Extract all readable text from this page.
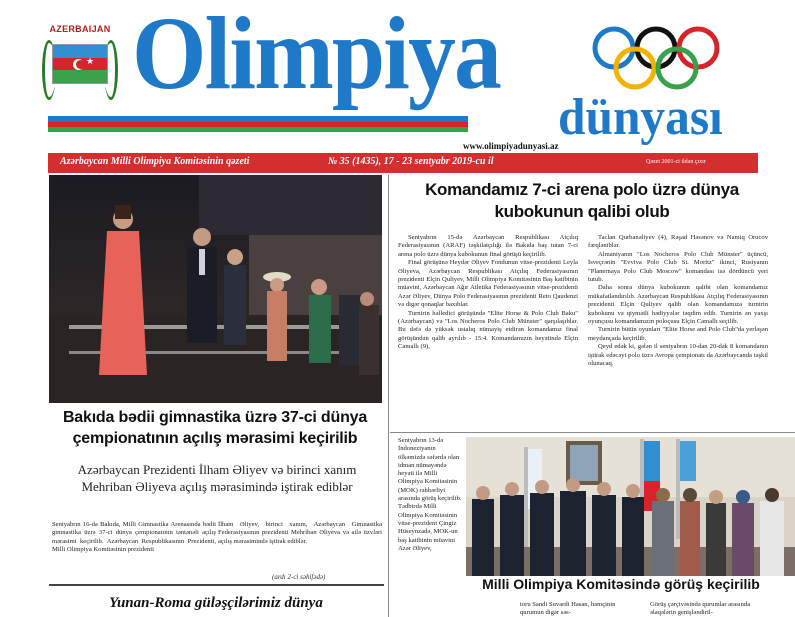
AZERBAIJAN
★ Olimpiya
dünyası
www.olimpiyadunyasi.az
Azərbaycan Milli Olimpiya Komitəsinin qəzeti	№ 35 (1435), 17 - 23 sentyabr 2019-cu il	Qəzet 2001-ci ildən çıxır
Bakıda bədii gimnastika üzrə 37-ci dünya çempionatının açılış mərasimi keçirilib
Azərbaycan Prezidenti İlham Əliyev və birinci xanım Mehriban Əliyeva açılış mərasimində iştirak ediblər
Sentyabrın 16-da Bakıda, Milli Gimnastika Arenasında bədii gimnastika üzrə 37-ci dünya çempionatının təntənəli açılış mərasimi keçirilib. Azərbaycan Respublikasının Prezidenti, Milli Olimpiya Komitəsinin prezidenti
İlham Əliyev, birinci xanım, Azərbaycan Gimnastika Federasiyasının prezidenti Mehriban Əliyeva və ailə üzvləri açılış mərasimində iştirak ediblər.
(ardı 2-ci səhifədə)
Yunan-Roma güləşçilərimiz dünya
Komandamız 7-ci arena polo üzrə dünya kubokunun qalibi olub

Sentyabrın 15-də Azərbaycan Respublikası Atçılıq Federasiyasının (ARAF) təşkilatçılığı ilə Bakıda baş tutan 7-ci arena polo üzrə dünya kubokunun final görüşü keçirilib.

Final görüşünə Heydər Əliyev Fondunun vitse-prezidenti Leyla Əliyeva, Azərbaycan Respublikası Atçılıq Federasiyasının prezidenti Elçin Quliyev, Milli Olimpiya Komitəsinin Baş katibinin müavini, Azərbaycan Ağır Atletika Federasiyasının vitse-prezidenti Azər Əliyev, Dünya Polo Federasiyasının prezidenti Reto Qaudenzi və digər qonaqlar baxıblar.

Turnirin həlledici görüşündə "Elite Horse & Polo Club Baku" (Azərbaycan) və "Los Nocheros Polo Club Münster" qarşılaşıblar. Bu dəfə də yüksək ustalıq nümayiş etdirən komandamız final görüşündən qalib ayrılıb - 15:4. Komandamızın heyətində Elçin Camallı (9),

Taclan Qurbanəliyev (4), Rəşad Həsənov və Namiq Orucov fərqləniblər.

Almaniyanın "Los Nocheros Polo Club Münster" üçüncü, İsveçrənin "Evviva Polo Club St. Moritz" ikinci, Rusiyanın "Planernaya Polo Club Moscow" komandası isə dördüncü yeri tutub.

Daha sonra dünya kubokunun qalibi olan komandamız mükafatlandırılıb. Azərbaycan Respublikası Atçılıq Federasiyasının prezidenti Elçin Quliyev qalib olan komandamıza turnirin kubokunu və qiymətli hədiyyələr təqdim edib. Turnirin ən yaxşı oyunçusu komandamızın polоçusu Elçin Camallı seçilib.

Turnirin bütün oyunları "Elite Horse and Polo Club"da yerləşən meydançada keçirilib.

Qeyd edək ki, gələn il sentyabrın 10-dan 20-dək 8 komandanın iştirak edəcəyi polo üzrə Avropa çempionatı da Azərbaycanda təşkil olunacaq.

Sentyabrın 13-də İndoneziyanın ölkəmizdə səfərdə olan idman nümayəndə heyəti ilə Milli Olimpiya Komitəsinin (MOK) rəhbərliyi arasında görüş keçirilib. Tədbirdə Milli Olimpiya Komitəsinin vitse-prezident Çingiz Hüseynzadə, MOK-un baş katibinin müavini Azər Əliyev,
Milli Olimpiya Komitəsində görüş keçirilib
toru Sandi Suvardi Hasan, həmçinin qurumun digər səs-
Görüş çərçivəsində qurumlar arasında əlaqələrin genişləndiril-
